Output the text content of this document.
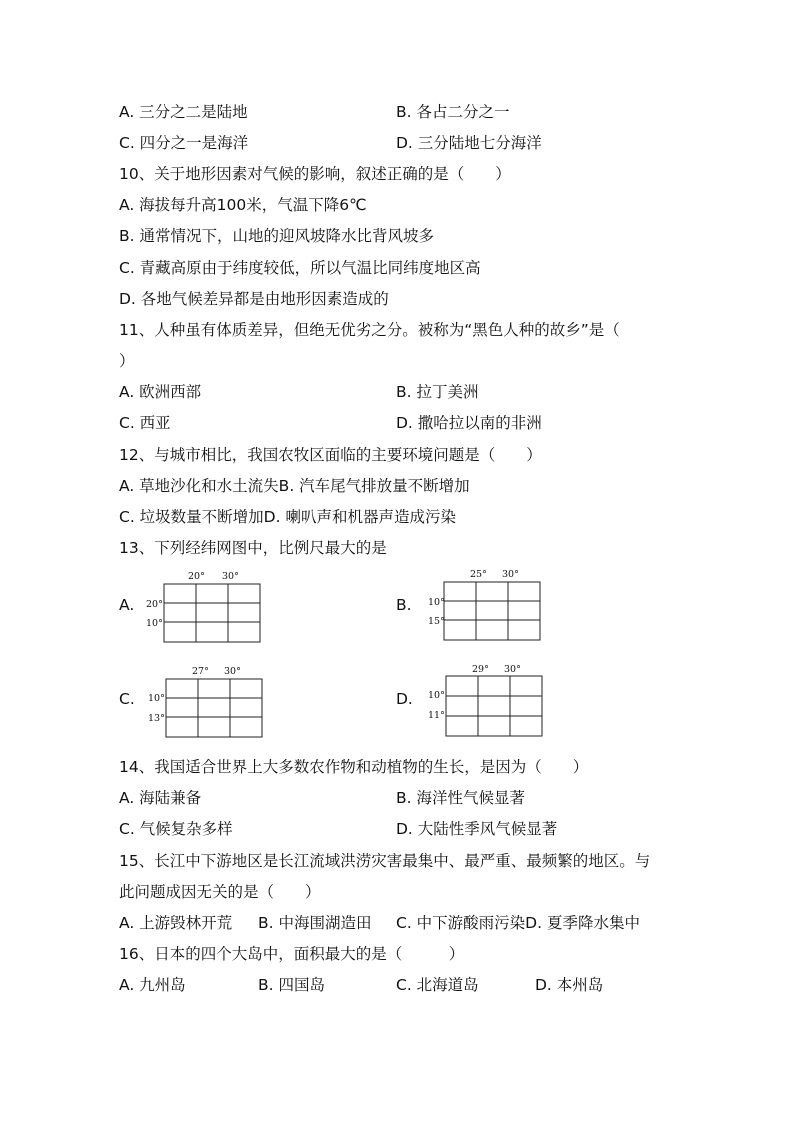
A. 三分之二是陆地	B. 各占二分之一
C. 四分之一是海洋	D. 三分陆地七分海洋
10、关于地形因素对气候的影响，叙述正确的是（　　）
A. 海拔每升高100米，气温下降6℃
B. 通常情况下，山地的迎风坡降水比背风坡多
C. 青藏高原由于纬度较低，所以气温比同纬度地区高
D. 各地气候差异都是由地形因素造成的
11、人种虽有体质差异，但绝无优劣之分。被称为“黑色人种的故乡”是（
）
A. 欧洲西部	B. 拉丁美洲
C. 西亚	D. 撒哈拉以南的非洲
12、与城市相比，我国农牧区面临的主要环境问题是（　　）
A. 草地沙化和水土流失B. 汽车尾气排放量不断增加
C. 垃圾数量不断增加D. 喇叭声和机器声造成污染
13、下列经纬网图中，比例尺最大的是
A.
20° 30°
20°
10°
B.
25° 30°
10°
15°
C.
27° 30°
10°
13°
D.
29° 30°
10°
11°
14、我国适合世界上大多数农作物和动植物的生长，是因为（　　）
A. 海陆兼备	B. 海洋性气候显著
C. 气候复杂多样	D. 大陆性季风气候显著
15、长江中下游地区是长江流域洪涝灾害最集中、最严重、最频繁的地区。与
此问题成因无关的是（　　）
A. 上游毁林开荒 B. 中海围湖造田 C. 中下游酸雨污染D. 夏季降水集中
16、日本的四个大岛中，面积最大的是（　　　）
A. 九州岛	B. 四国岛	C. 北海道岛	D. 本州岛
